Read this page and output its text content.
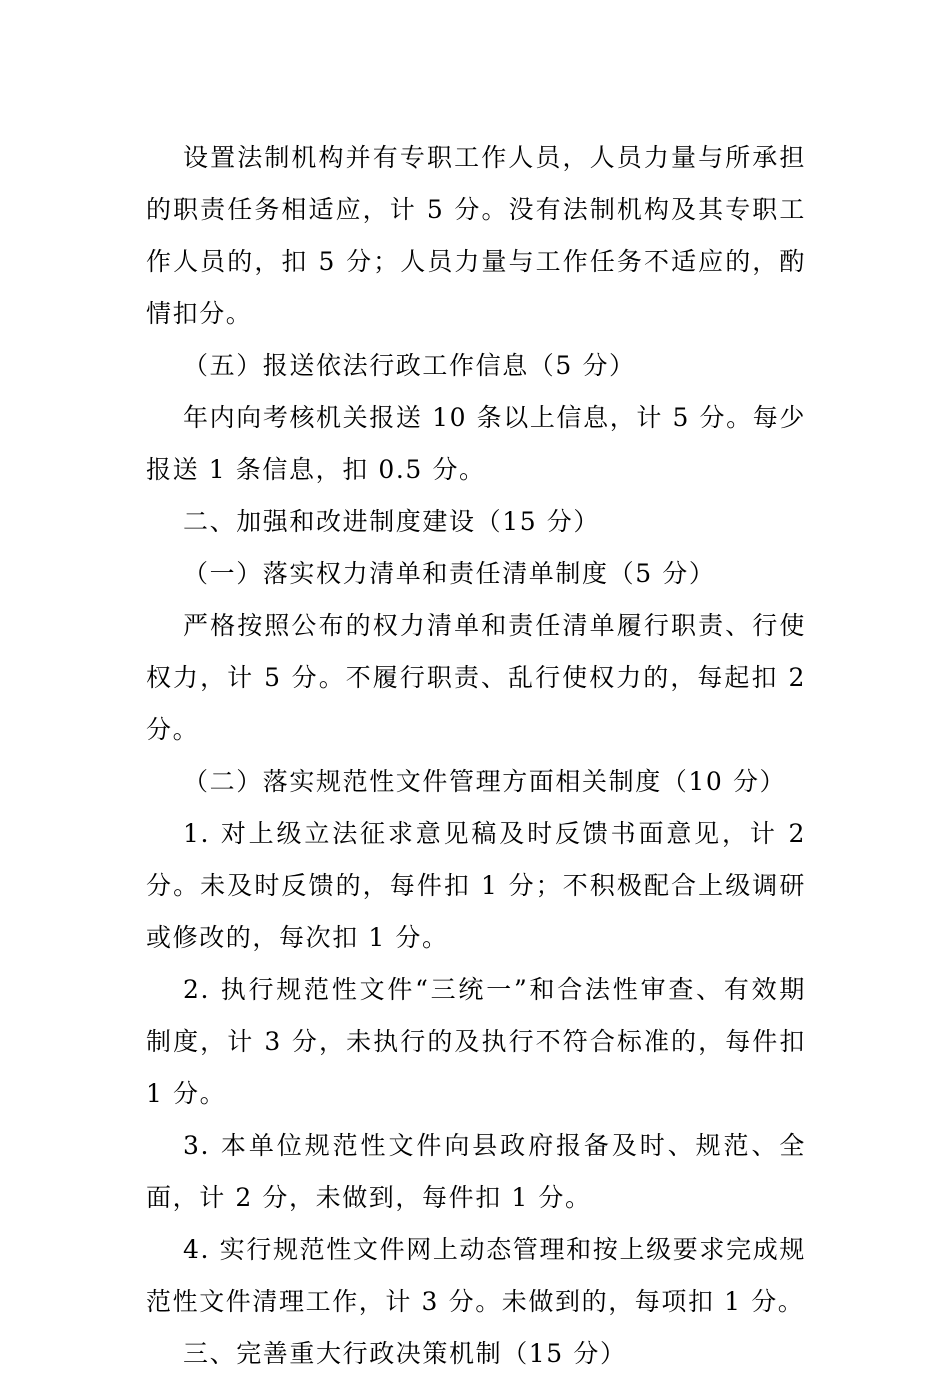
设置法制机构并有专职工作人员，人员力量与所承担的职责任务相适应，计 5 分。没有法制机构及其专职工作人员的，扣 5 分；人员力量与工作任务不适应的，酌情扣分。

（五）报送依法行政工作信息（5 分）

年内向考核机关报送 10 条以上信息，计 5 分。每少报送 1 条信息，扣 0.5 分。

二、加强和改进制度建设（15 分）

（一）落实权力清单和责任清单制度（5 分）

严格按照公布的权力清单和责任清单履行职责、行使权力，计 5 分。不履行职责、乱行使权力的，每起扣 2 分。

（二）落实规范性文件管理方面相关制度（10 分）

1. 对上级立法征求意见稿及时反馈书面意见，计 2 分。未及时反馈的，每件扣 1 分；不积极配合上级调研或修改的，每次扣 1 分。

2. 执行规范性文件“三统一”和合法性审查、有效期制度，计 3 分，未执行的及执行不符合标准的，每件扣 1 分。

3. 本单位规范性文件向县政府报备及时、规范、全面，计 2 分，未做到，每件扣 1 分。

4. 实行规范性文件网上动态管理和按上级要求完成规范性文件清理工作，计 3 分。未做到的，每项扣 1 分。

三、完善重大行政决策机制（15 分）
